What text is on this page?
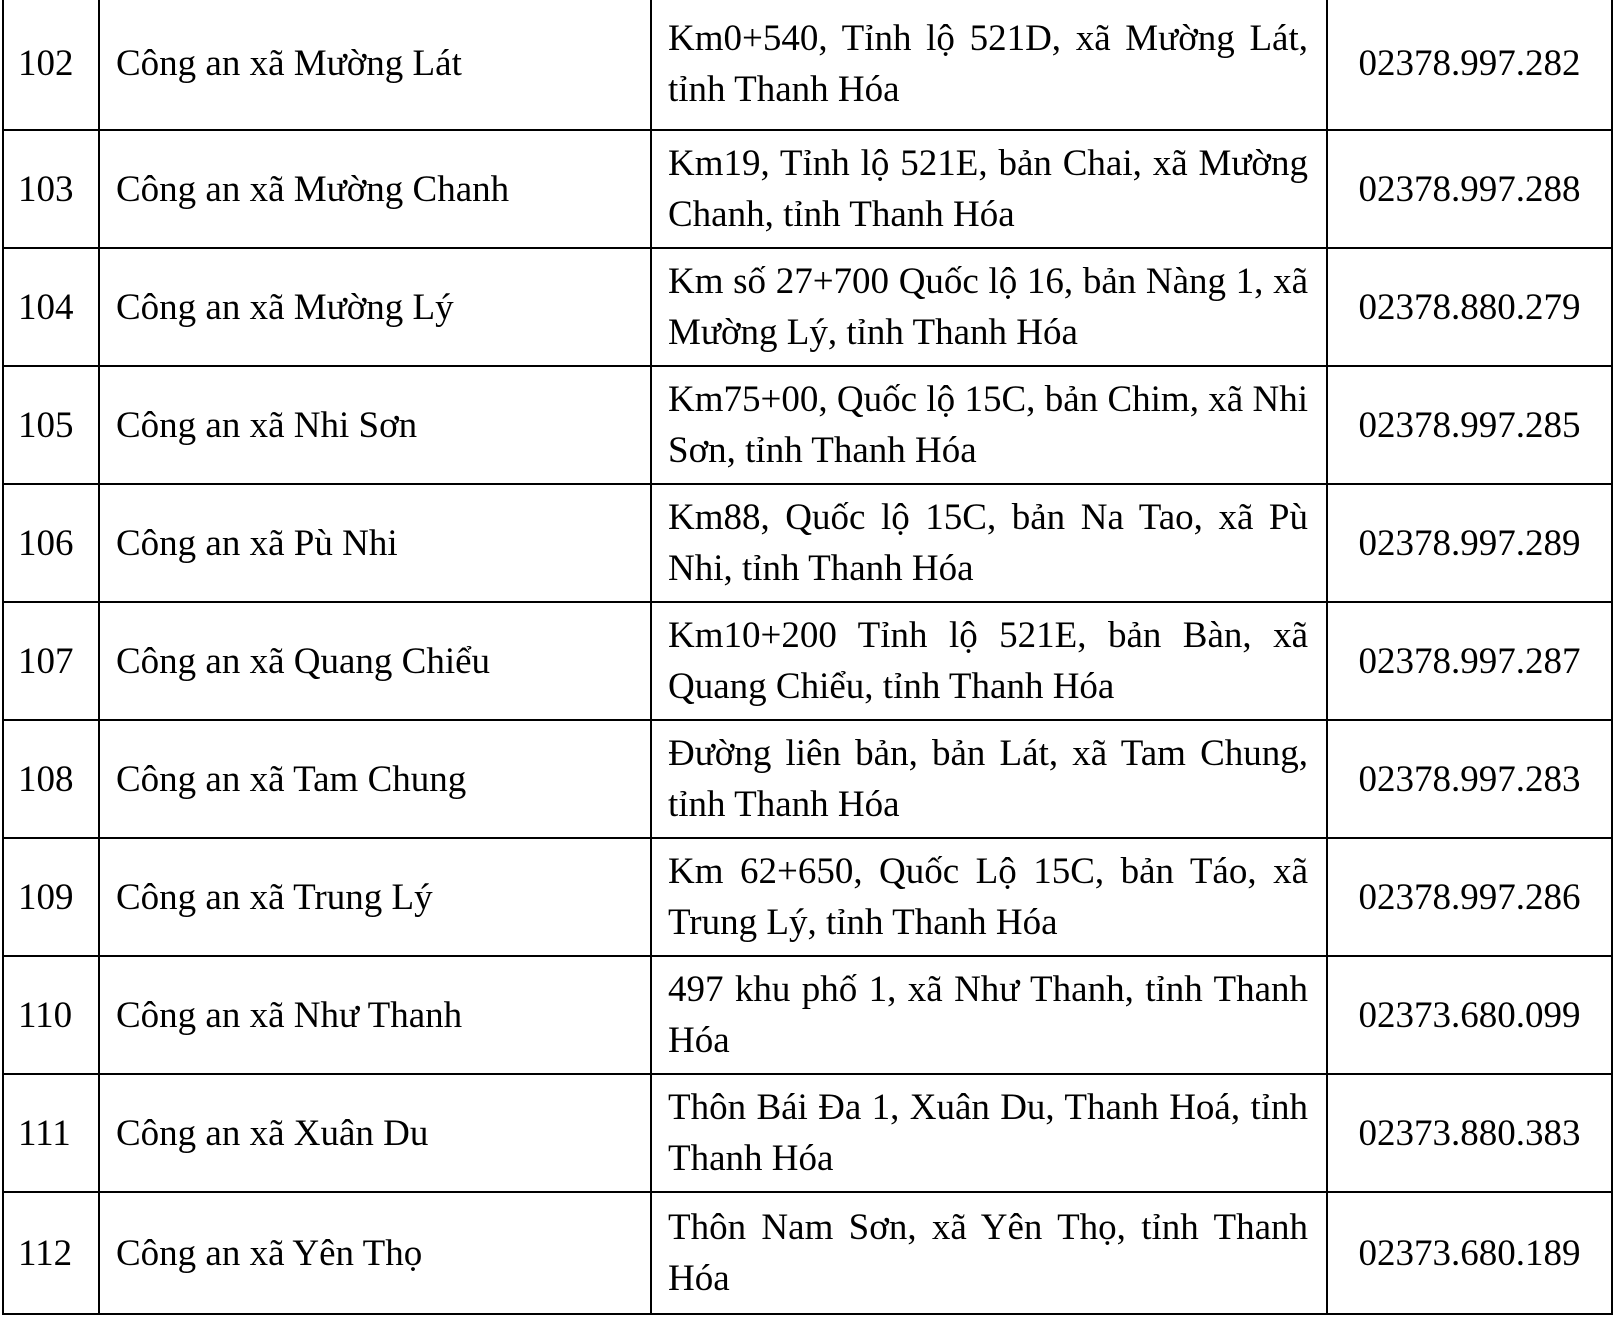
102	Công an xã Mường Lát	Km0+540, Tỉnh lộ 521D, xã Mường Lát, tỉnh Thanh Hóa	02378.997.282
103	Công an xã Mường Chanh	Km19, Tỉnh lộ 521E, bản Chai, xã Mường Chanh, tỉnh Thanh Hóa	02378.997.288
104	Công an xã Mường Lý	Km số 27+700 Quốc lộ 16, bản Nàng 1, xã Mường Lý, tỉnh Thanh Hóa	02378.880.279
105	Công an xã Nhi Sơn	Km75+00, Quốc lộ 15C, bản Chim, xã Nhi Sơn, tỉnh Thanh Hóa	02378.997.285
106	Công an xã Pù Nhi	Km88, Quốc lộ 15C, bản Na Tao, xã Pù Nhi, tỉnh Thanh Hóa	02378.997.289
107	Công an xã Quang Chiểu	Km10+200 Tỉnh lộ 521E, bản Bàn, xã Quang Chiểu, tỉnh Thanh Hóa	02378.997.287
108	Công an xã Tam Chung	Đường liên bản, bản Lát, xã Tam Chung, tỉnh Thanh Hóa	02378.997.283
109	Công an xã Trung Lý	Km 62+650, Quốc Lộ 15C, bản Táo, xã Trung Lý, tỉnh Thanh Hóa	02378.997.286
110	Công an xã Như Thanh	497 khu phố 1, xã Như Thanh, tỉnh Thanh Hóa	02373.680.099
111	Công an xã Xuân Du	Thôn Bái Đa 1, Xuân Du, Thanh Hoá, tỉnh Thanh Hóa	02373.880.383
112	Công an xã Yên Thọ	Thôn Nam Sơn, xã Yên Thọ, tỉnh Thanh Hóa	02373.680.189
